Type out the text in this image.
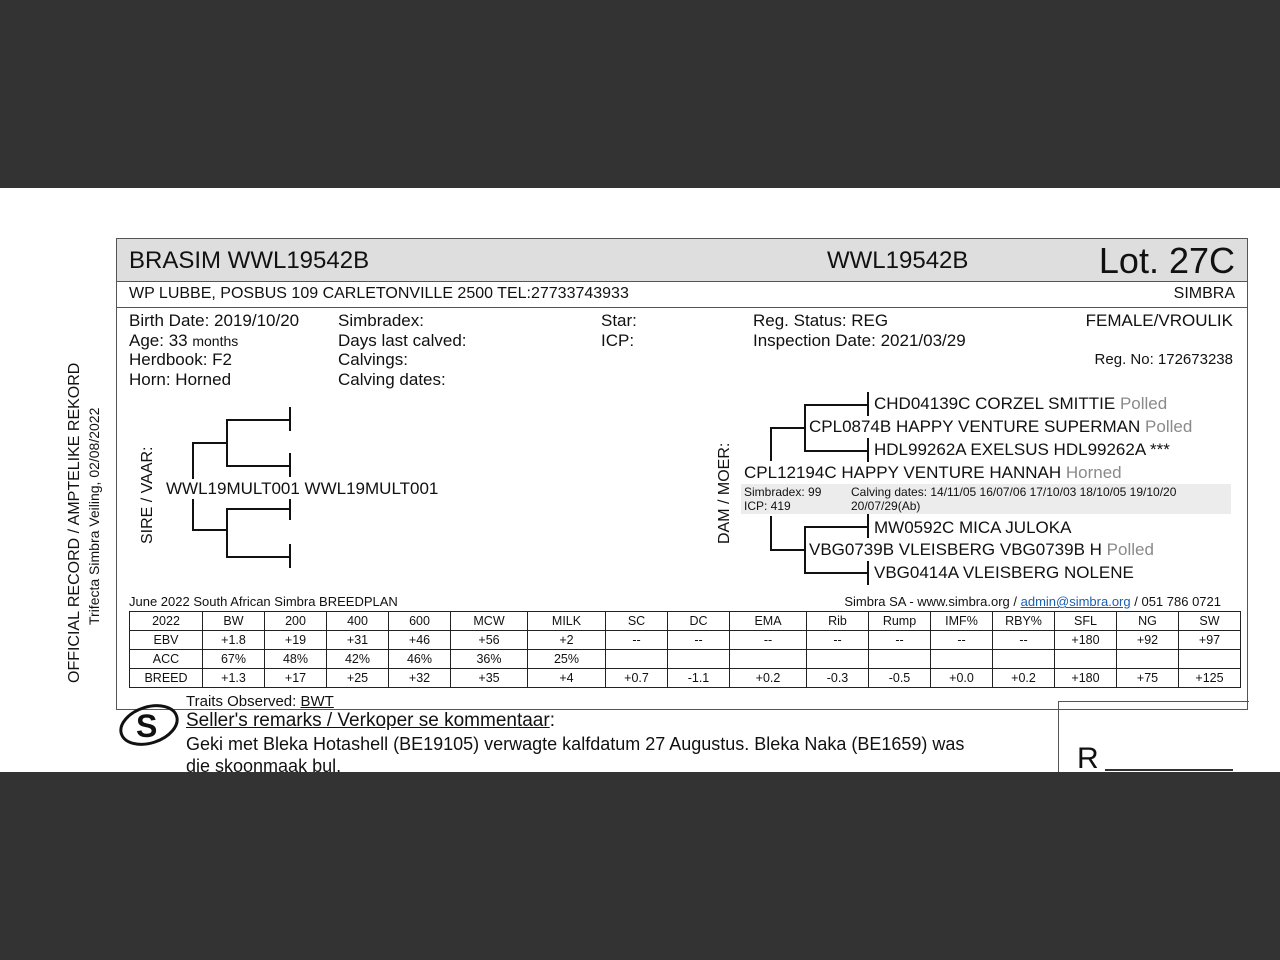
OFFICIAL RECORD / AMPTELIKE REKORD Trifecta Simbra Veiling, 02/08/2022
BRASIM WWL19542B	WWL19542B	Lot. 27C
WP LUBBE, POSBUS 109 CARLETONVILLE 2500 TEL:27733743933	SIMBRA
Birth Date: 2019/10/20
Age: 33 months
Herdbook: F2
Horn: Horned
Simbradex:
Days last calved:
Calvings:
Calving dates:
Star:
ICP:
Reg. Status: REG
Inspection Date: 2021/03/29
FEMALE/VROULIK
Reg. No: 172673238
SIRE / VAAR: WWL19MULT001 WWL19MULT001	DAM / MOER:
CHD04139C CORZEL SMITTIE Polled
CPL0874B HAPPY VENTURE SUPERMAN Polled
HDL99262A EXELSUS HDL99262A ***
CPL12194C HAPPY VENTURE HANNAH Horned
Simbradex: 99
ICP: 419
Calving dates: 14/11/05 16/07/06 17/10/03 18/10/05 19/10/20
20/07/29(Ab)
MW0592C MICA JULOKA
VBG0739B VLEISBERG VBG0739B H Polled
VBG0414A VLEISBERG NOLENE
June 2022 South African Simbra BREEDPLAN	Simbra SA - www.simbra.org / admin@simbra.org / 051 786 0721
2022	BW	200	400	600	MCW	MILK	SC	DC	EMA	Rib	Rump	IMF%	RBY%	SFL	NG	SW
EBV	+1.8	+19	+31	+46	+56	+2	--	--	--	--	--	--	--	+180	+92	+97
ACC	67%	48%	42%	46%	36%	25%										
BREED	+1.3	+17	+25	+32	+35	+4	+0.7	-1.1	+0.2	-0.3	-0.5	+0.0	+0.2	+180	+75	+125
Traits Observed: BWT
S Seller's remarks / Verkoper se kommentaar:
Geki met Bleka Hotashell (BE19105) verwagte kalfdatum 27 Augustus. Bleka Naka (BE1659) was
die skoonmaak bul.	R
